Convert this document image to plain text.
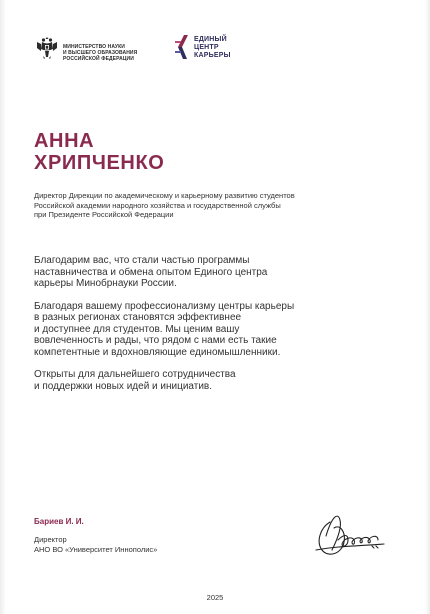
МИНИСТЕРСТВО НАУКИ
И ВЫСШЕГО ОБРАЗОВАНИЯ
РОССИЙСКОЙ ФЕДЕРАЦИИ
ЕДИНЫЙ
ЦЕНТР
КАРЬЕРЫ
АННА
ХРИПЧЕНКО
Директор Дирекции по академическому и карьерному развитию студентов
Российской академии народного хозяйства и государственной службы
при Президенте Российской Федерации
Благодарим вас, что стали частью программы
наставничества и обмена опытом Единого центра
карьеры Минобрнауки России.
Благодаря вашему профессионализму центры карьеры
в разных регионах становятся эффективнее
и доступнее для студентов. Мы ценим вашу
вовлеченность и рады, что рядом с нами есть такие
компетентные и вдохновляющие единомышленники.
Открыты для дальнейшего сотрудничества
и поддержки новых идей и инициатив.
Бариев И. И.
Директор
АНО ВО «Университет Иннополис»
2025
